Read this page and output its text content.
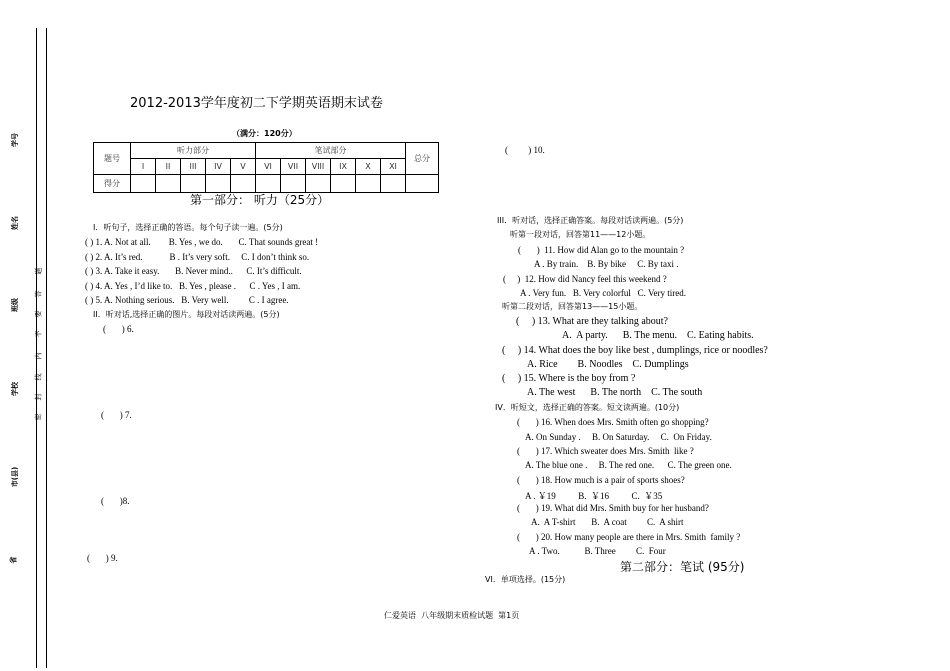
学号
姓名
班级
学校
市(县)
省
题
答
要
不
内
线
封
密
2012-2013学年度初二下学期英语期末试卷
（满分：120分）
题号	听力部分					笔试部分						总分
	I	II	III	IV	V	VI	VII	VIII	IX	X	XI	
得分												
第一部分： 听力（25分）
I．听句子，选择正确的答语。每个句子读一遍。(5分)
( ) 1. A. Not at all.        B. Yes , we do.       C. That sounds great !
( ) 2. A. It’s red.            B . It’s very soft.     C. I don’t think so.
( ) 3. A. Take it easy.       B. Never mind..      C. It’s difficult.
( ) 4. A. Yes , I’d like to.   B. Yes , please .      C . Yes , I am.
( ) 5. A. Nothing serious.   B. Very well.         C . I agree.
II．听对话,选择正确的图片。每段对话读两遍。(5分)
(       ) 6.
(       ) 7.
(       )8.
(       ) 9.
(         ) 10.
III．听对话，选择正确答案。每段对话读两遍。(5分)
听第一段对话，回答第11——12小题。
(       )  11. How did Alan go to the mountain ?
A . By train.    B. By bike     C. By taxi .
(     )  12. How did Nancy feel this weekend ?
A . Very fun.   B. Very colorful   C. Very tired.
听第二段对话，回答第13——15小题。
(     ) 13. What are they talking about?
A.  A party.      B. The menu.    C. Eating habits.
(     ) 14. What does the boy like best , dumplings, rice or noodles?
A. Rice        B. Noodles    C. Dumplings
(     ) 15. Where is the boy from ?
A. The west      B. The north    C. The south
IV．听短文，选择正确的答案。短文读两遍。(10分)
(       ) 16. When does Mrs. Smith often go shopping?
A. On Sunday .     B. On Saturday.     C.  On Friday.
(       ) 17. Which sweater does Mrs. Smith  like ?
A. The blue one .     B. The red one.      C. The green one.
(       ) 18. How much is a pair of sports shoes?
A . ￥19          B.  ￥16          C.  ￥35
(       ) 19. What did Mrs. Smith buy for her husband?
A.  A T-shirt       B.  A coat         C.  A shirt
(       ) 20. How many people are there in Mrs. Smith  family ?
A . Two.           B. Three         C.  Four
第二部分：笔试 (95分)
VI．单项选择。(15分)
仁爱英语  八年级期末质检试题  第1页
